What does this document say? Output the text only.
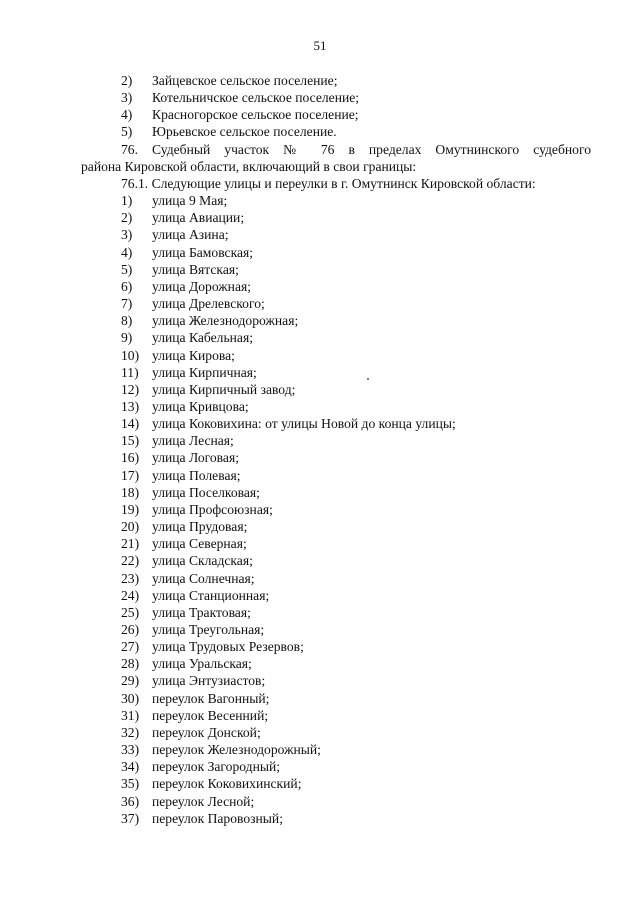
51
2)	Зайцевское сельское поселение;
3)	Котельничское сельское поселение;
4)	Красногорское сельское поселение;
5)	Юрьевское сельское поселение.
76. Судебный участок № 76 в пределах Омутнинского судебного
района Кировской области, включающий в свои границы:
76.1. Следующие улицы и переулки в г. Омутнинск Кировской области:
1)	улица 9 Мая;
2)	улица Авиации;
3)	улица Азина;
4)	улица Бамовская;
5)	улица Вятская;
6)	улица Дорожная;
7)	улица Дрелевского;
8)	улица Железнодорожная;
9)	улица Кабельная;
10) улица Кирова;
11) улица Кирпичная;
12) улица Кирпичный завод;
13) улица Кривцова;
14) улица Коковихина: от улицы Новой до конца улицы;
15) улица Лесная;
16) улица Логовая;
17) улица Полевая;
18) улица Поселковая;
19) улица Профсоюзная;
20) улица Прудовая;
21) улица Северная;
22) улица Складская;
23) улица Солнечная;
24) улица Станционная;
25) улица Трактовая;
26) улица Треугольная;
27) улица Трудовых Резервов;
28) улица Уральская;
29) улица Энтузиастов;
30) переулок Вагонный;
31) переулок Весенний;
32) переулок Донской;
33) переулок Железнодорожный;
34) переулок Загородный;
35) переулок Коковихинский;
36) переулок Лесной;
37) переулок Паровозный;
